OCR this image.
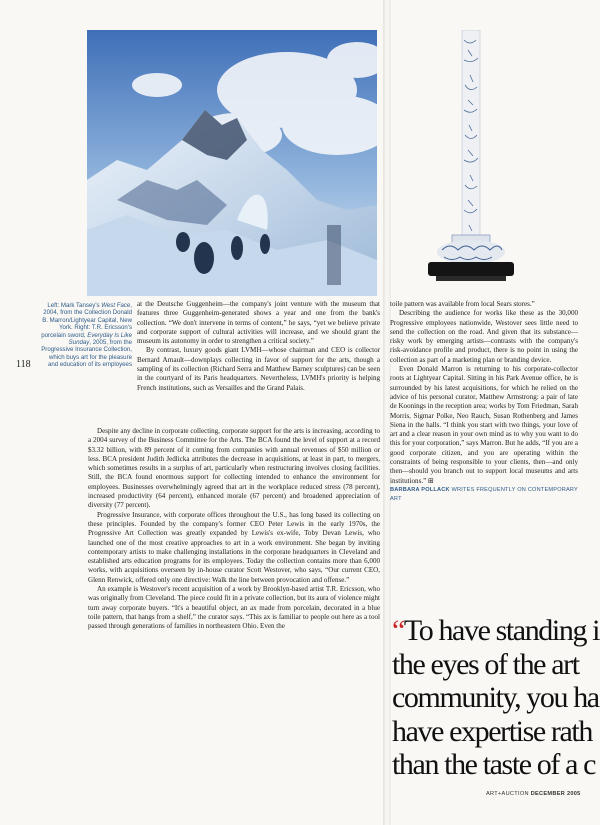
Left: Mark Tansey's West Face, 2004, from the Collection Donald B. Marron/Lightyear Capital, New York. Right: T.R. Ericsson's porcelain sword, Everyday Is Like Sunday, 2005, from the Progressive Insurance Collection, which buys art for the pleasure and education of its employees
118

at the Deutsche Guggenheim—the company's joint venture with the museum that features three Guggenheim-generated shows a year and one from the bank's collection. “We don't intervene in terms of content,” he says, “yet we believe private and corporate support of cultural activities will increase, and we should grant the museum its autonomy in order to strengthen a critical society.”

By contrast, luxury goods giant LVMH—whose chairman and CEO is collector Bernard Arnault—downplays collecting in favor of support for the arts, though a sampling of its collection (Richard Serra and Matthew Barney sculptures) can be seen in the courtyard of its Paris headquarters. Nevertheless, LVMH's priority is helping French institutions, such as Versailles and the Grand Palais.

Despite any decline in corporate collecting, corporate support for the arts is increasing, according to a 2004 survey of the Business Committee for the Arts. The BCA found the level of support at a record $3.32 billion, with 89 percent of it coming from companies with annual revenues of $50 million or less. BCA president Judith Jedlicka attributes the decrease in acquisitions, at least in part, to mergers, which sometimes results in a surplus of art, particularly when restructuring involves closing facilities. Still, the BCA found enormous support for collecting intended to enhance the environment for employees. Businesses overwhelmingly agreed that art in the workplace reduced stress (78 percent), increased productivity (64 percent), enhanced morale (67 percent) and broadened appreciation of diversity (77 percent).

Progressive Insurance, with corporate offices throughout the U.S., has long based its collecting on these principles. Founded by the company's former CEO Peter Lewis in the early 1970s, the Progressive Art Collection was greatly expanded by Lewis's ex-wife, Toby Devan Lewis, who launched one of the most creative approaches to art in a work environment. She began by inviting contemporary artists to make challenging installations in the corporate headquarters in Cleveland and established arts education programs for its employees. Today the collection contains more than 6,000 works, with acquisitions overseen by in-house curator Scott Westover, who says, “Our current CEO, Glenn Renwick, offered only one directive: Walk the line between provocation and offense.”

An example is Westover's recent acquisition of a work by Brooklyn-based artist T.R. Ericsson, who was originally from Cleveland. The piece could fit in a private collection, but its aura of violence might turn away corporate buyers. “It's a beautiful object, an ax made from porcelain, decorated in a blue toile pattern, that hangs from a shelf,” the curator says. “This ax is familiar to people out here as a tool passed through generations of families in northeastern Ohio. Even the

toile pattern was available from local Sears stores.”

Describing the audience for works like these as the 30,000 Progressive employees nationwide, Westover sees little need to send the collection on the road. And given that its substance—risky work by emerging artists—contrasts with the company's risk-avoidance profile and product, there is no point in using the collection as part of a marketing plan or branding device.

Even Donald Marron is returning to his corporate-collector roots at Lightyear Capital. Sitting in his Park Avenue office, he is surrounded by his latest acquisitions, for which he relied on the advice of his personal curator, Matthew Armstrong: a pair of late de Koonings in the reception area; works by Tom Friedman, Sarah Morris, Sigmar Polke, Neo Rauch, Susan Rothenberg and James Siena in the halls. “I think you start with two things, your love of art and a clear reason in your own mind as to why you want to do this for your corporation,” says Marron. But he adds, “If you are a good corporate citizen, and you are operating within the constraints of being responsible to your clients, then—and only then—should you branch out to support local museums and arts institutions.” ⊞

BARBARA POLLACK WRITES FREQUENTLY ON CONTEMPORARY ART

“To have standing i
the eyes of the art
community, you ha
have expertise rath
than the taste of a c
ART+AUCTION DECEMBER 2005
